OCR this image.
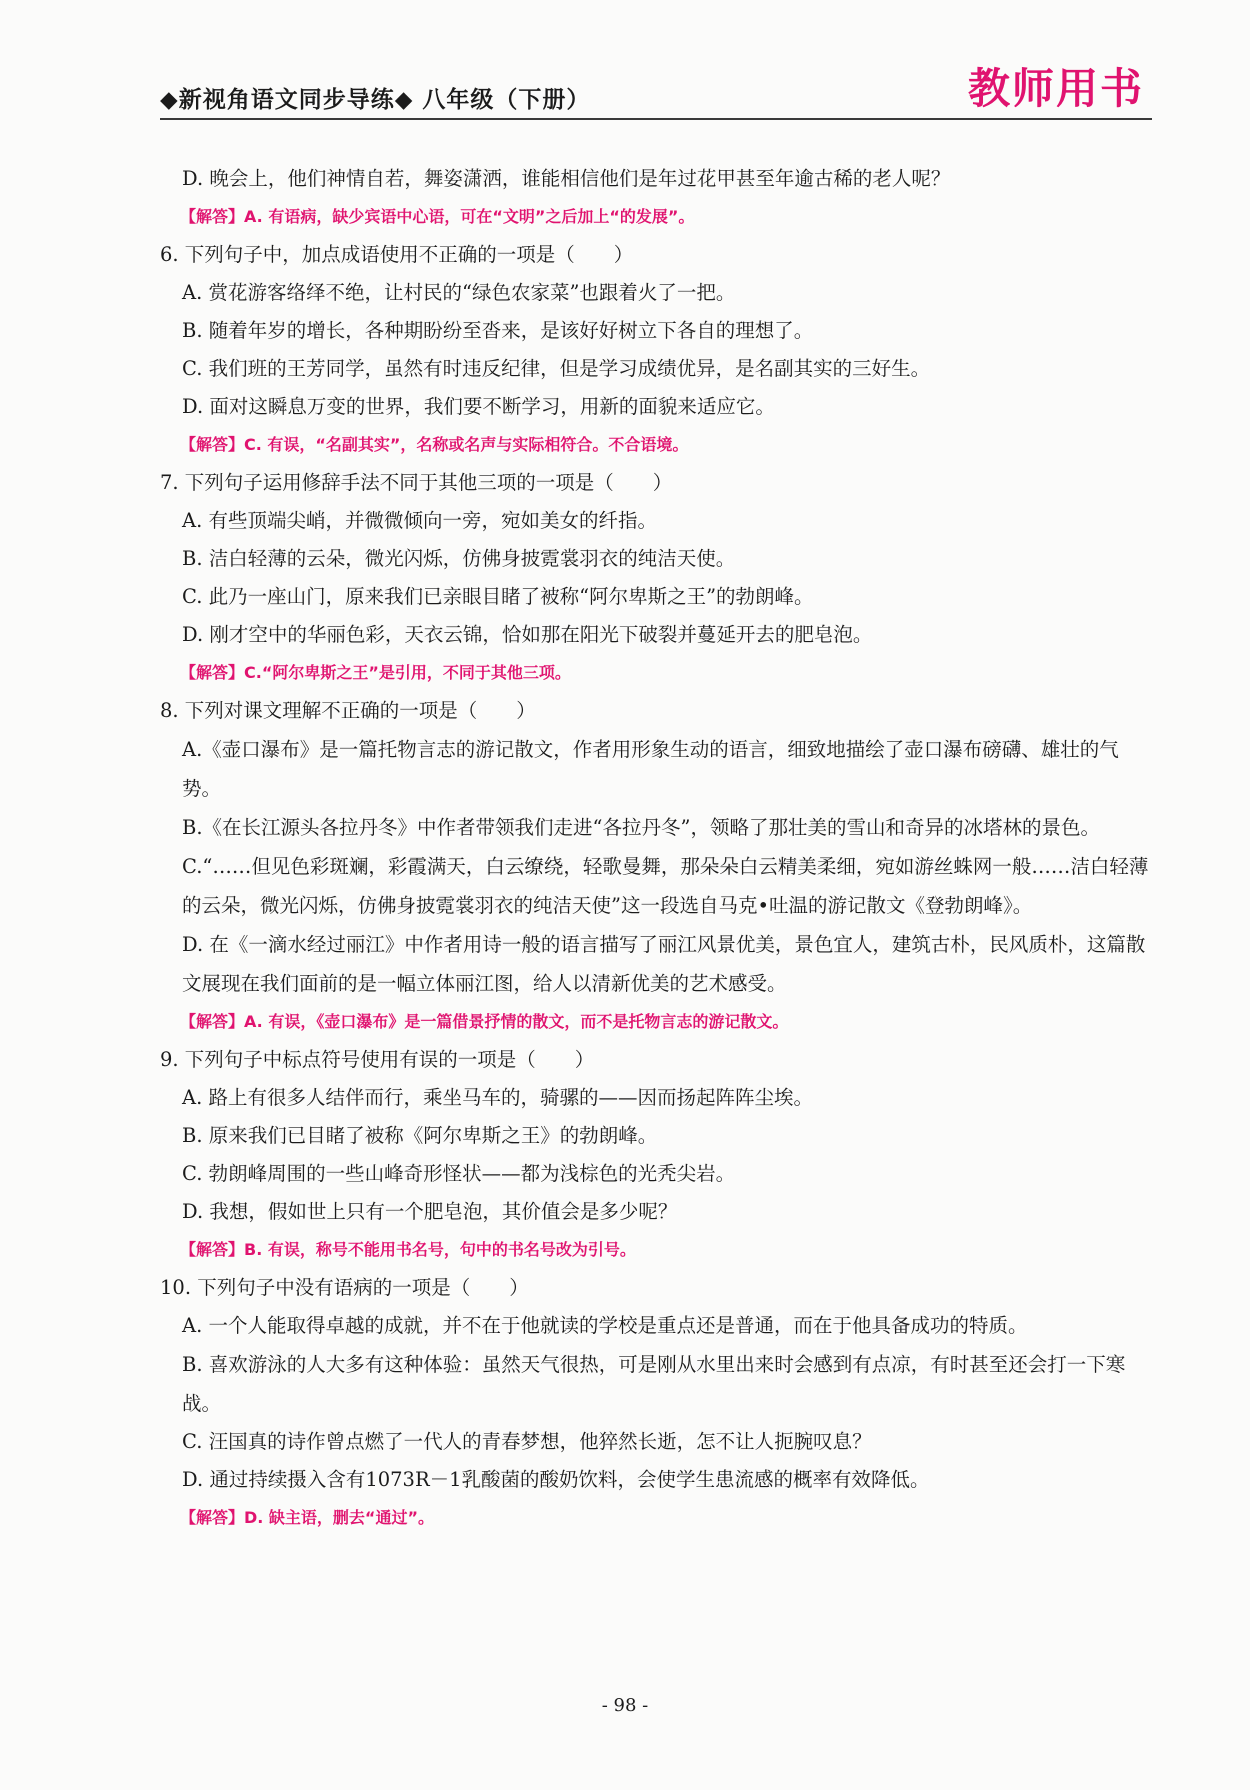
◆新视角语文同步导练◆ 八年级（下册）	教师用书
D. 晚会上，他们神情自若，舞姿潇洒，谁能相信他们是年过花甲甚至年逾古稀的老人呢？
【解答】A. 有语病，缺少宾语中心语，可在“文明”之后加上“的发展”。
6. 下列句子中，加点成语使用不正确的一项是（　　）
A. 赏花游客络绎不绝，让村民的“绿色农家菜”也跟着火了一把。
B. 随着年岁的增长，各种期盼纷至沓来，是该好好树立下各自的理想了。
C. 我们班的王芳同学，虽然有时违反纪律，但是学习成绩优异，是名副其实的三好生。
D. 面对这瞬息万变的世界，我们要不断学习，用新的面貌来适应它。
【解答】C. 有误，“名副其实”，名称或名声与实际相符合。不合语境。
7. 下列句子运用修辞手法不同于其他三项的一项是（　　）
A. 有些顶端尖峭，并微微倾向一旁，宛如美女的纤指。
B. 洁白轻薄的云朵，微光闪烁，仿佛身披霓裳羽衣的纯洁天使。
C. 此乃一座山门，原来我们已亲眼目睹了被称“阿尔卑斯之王”的勃朗峰。
D. 刚才空中的华丽色彩，天衣云锦，恰如那在阳光下破裂并蔓延开去的肥皂泡。
【解答】C.“阿尔卑斯之王”是引用，不同于其他三项。
8. 下列对课文理解不正确的一项是（　　）
A.《壶口瀑布》是一篇托物言志的游记散文，作者用形象生动的语言，细致地描绘了壶口瀑布磅礴、雄壮的气势。
B.《在长江源头各拉丹冬》中作者带领我们走进“各拉丹冬”，领略了那壮美的雪山和奇异的冰塔林的景色。
C.“……但见色彩斑斓，彩霞满天，白云缭绕，轻歌曼舞，那朵朵白云精美柔细，宛如游丝蛛网一般……洁白轻薄的云朵，微光闪烁，仿佛身披霓裳羽衣的纯洁天使”这一段选自马克•吐温的游记散文《登勃朗峰》。
D. 在《一滴水经过丽江》中作者用诗一般的语言描写了丽江风景优美，景色宜人，建筑古朴，民风质朴，这篇散文展现在我们面前的是一幅立体丽江图，给人以清新优美的艺术感受。
【解答】A. 有误，《壶口瀑布》是一篇借景抒情的散文，而不是托物言志的游记散文。
9. 下列句子中标点符号使用有误的一项是（　　）
A. 路上有很多人结伴而行，乘坐马车的，骑骡的——因而扬起阵阵尘埃。
B. 原来我们已目睹了被称《阿尔卑斯之王》的勃朗峰。
C. 勃朗峰周围的一些山峰奇形怪状——都为浅棕色的光秃尖岩。
D. 我想，假如世上只有一个肥皂泡，其价值会是多少呢？
【解答】B. 有误，称号不能用书名号，句中的书名号改为引号。
10. 下列句子中没有语病的一项是（　　）
A. 一个人能取得卓越的成就，并不在于他就读的学校是重点还是普通，而在于他具备成功的特质。
B. 喜欢游泳的人大多有这种体验：虽然天气很热，可是刚从水里出来时会感到有点凉，有时甚至还会打一下寒战。
C. 汪国真的诗作曾点燃了一代人的青春梦想，他猝然长逝，怎不让人扼腕叹息？
D. 通过持续摄入含有1073R－1乳酸菌的酸奶饮料，会使学生患流感的概率有效降低。
【解答】D. 缺主语，删去“通过”。
- 98 -
